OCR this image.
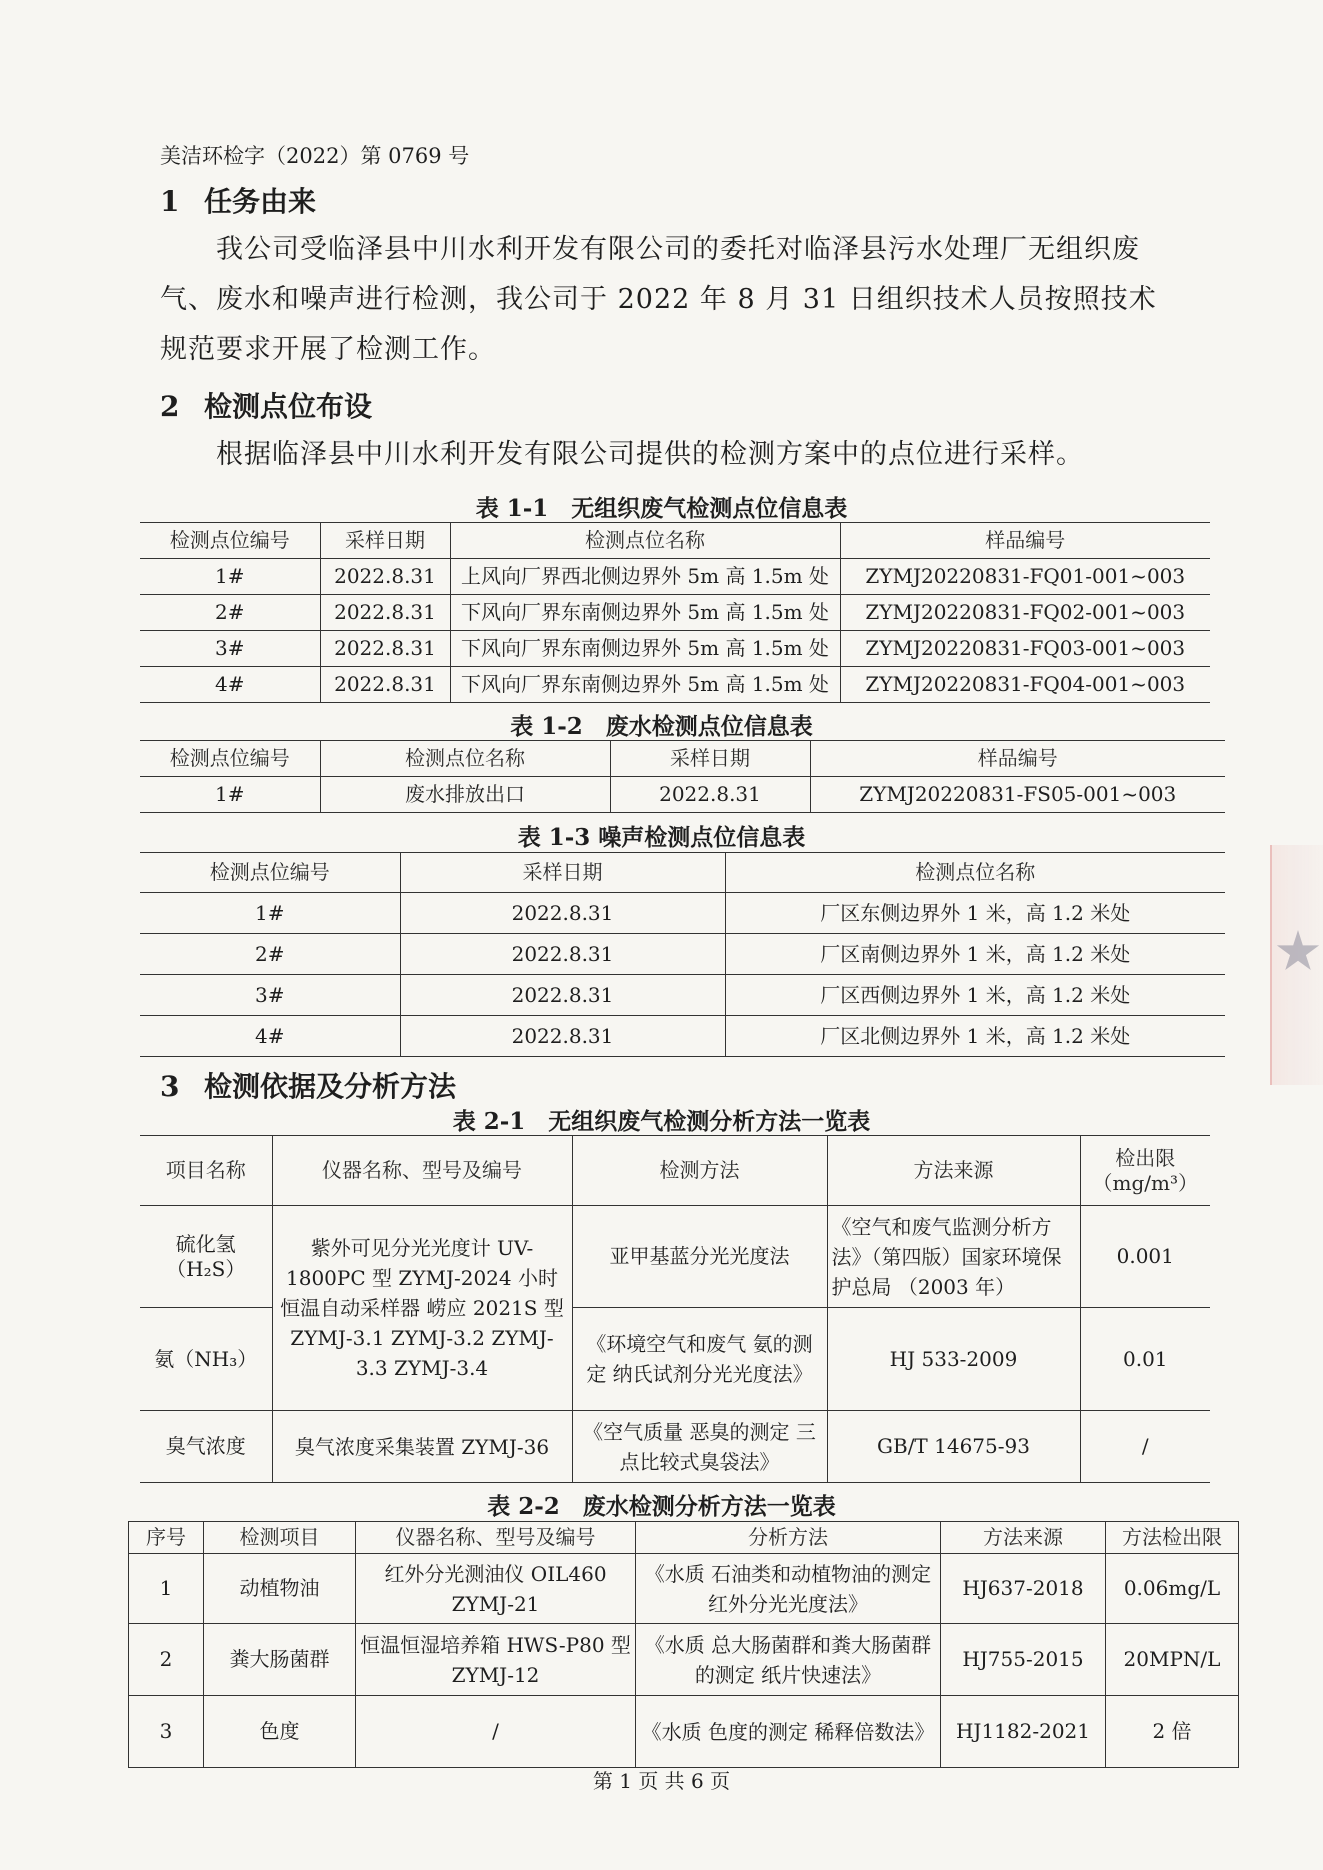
美洁环检字（2022）第 0769 号
1 任务由来

我公司受临泽县中川水利开发有限公司的委托对临泽县污水处理厂无组织废气、废水和噪声进行检测，我公司于 2022 年 8 月 31 日组织技术人员按照技术规范要求开展了检测工作。

2 检测点位布设

根据临泽县中川水利开发有限公司提供的检测方案中的点位进行采样。

表 1-1　无组织废气检测点位信息表
检测点位编号	采样日期	检测点位名称	样品编号
1#	2022.8.31	上风向厂界西北侧边界外 5m 高 1.5m 处	ZYMJ20220831-FQ01-001~003
2#	2022.8.31	下风向厂界东南侧边界外 5m 高 1.5m 处	ZYMJ20220831-FQ02-001~003
3#	2022.8.31	下风向厂界东南侧边界外 5m 高 1.5m 处	ZYMJ20220831-FQ03-001~003
4#	2022.8.31	下风向厂界东南侧边界外 5m 高 1.5m 处	ZYMJ20220831-FQ04-001~003
表 1-2　废水检测点位信息表
检测点位编号	检测点位名称	采样日期	样品编号
1#	废水排放出口	2022.8.31	ZYMJ20220831-FS05-001~003
表 1-3 噪声检测点位信息表
检测点位编号	采样日期	检测点位名称
1#	2022.8.31	厂区东侧边界外 1 米，高 1.2 米处
2#	2022.8.31	厂区南侧边界外 1 米，高 1.2 米处
3#	2022.8.31	厂区西侧边界外 1 米，高 1.2 米处
4#	2022.8.31	厂区北侧边界外 1 米，高 1.2 米处
3 检测依据及分析方法
表 2-1　无组织废气检测分析方法一览表
项目名称	仪器名称、型号及编号	检测方法	方法来源	检出限
（mg/m³）
硫化氢
（H₂S）	紫外可见分光光度计 UV-1800PC 型 ZYMJ-2024 小时恒温自动采样器 崂应 2021S 型 ZYMJ-3.1 ZYMJ-3.2 ZYMJ-3.3 ZYMJ-3.4	亚甲基蓝分光光度法	《空气和废气监测分析方法》（第四版）国家环境保护总局 （2003 年）	0.001
氨（NH₃）		《环境空气和废气 氨的测定 纳氏试剂分光光度法》	HJ 533-2009	0.01
臭气浓度	臭气浓度采集装置 ZYMJ-36	《空气质量 恶臭的测定 三点比较式臭袋法》	GB/T 14675-93	/
表 2-2　废水检测分析方法一览表
序号	检测项目	仪器名称、型号及编号	分析方法	方法来源	方法检出限
1	动植物油	红外分光测油仪 OIL460 ZYMJ-21	《水质 石油类和动植物油的测定 红外分光光度法》	HJ637-2018	0.06mg/L
2	粪大肠菌群	恒温恒湿培养箱 HWS-P80 型 ZYMJ-12	《水质 总大肠菌群和粪大肠菌群的测定 纸片快速法》	HJ755-2015	20MPN/L
3	色度	/	《水质 色度的测定 稀释倍数法》	HJ1182-2021	2 倍
第 1 页 共 6 页
